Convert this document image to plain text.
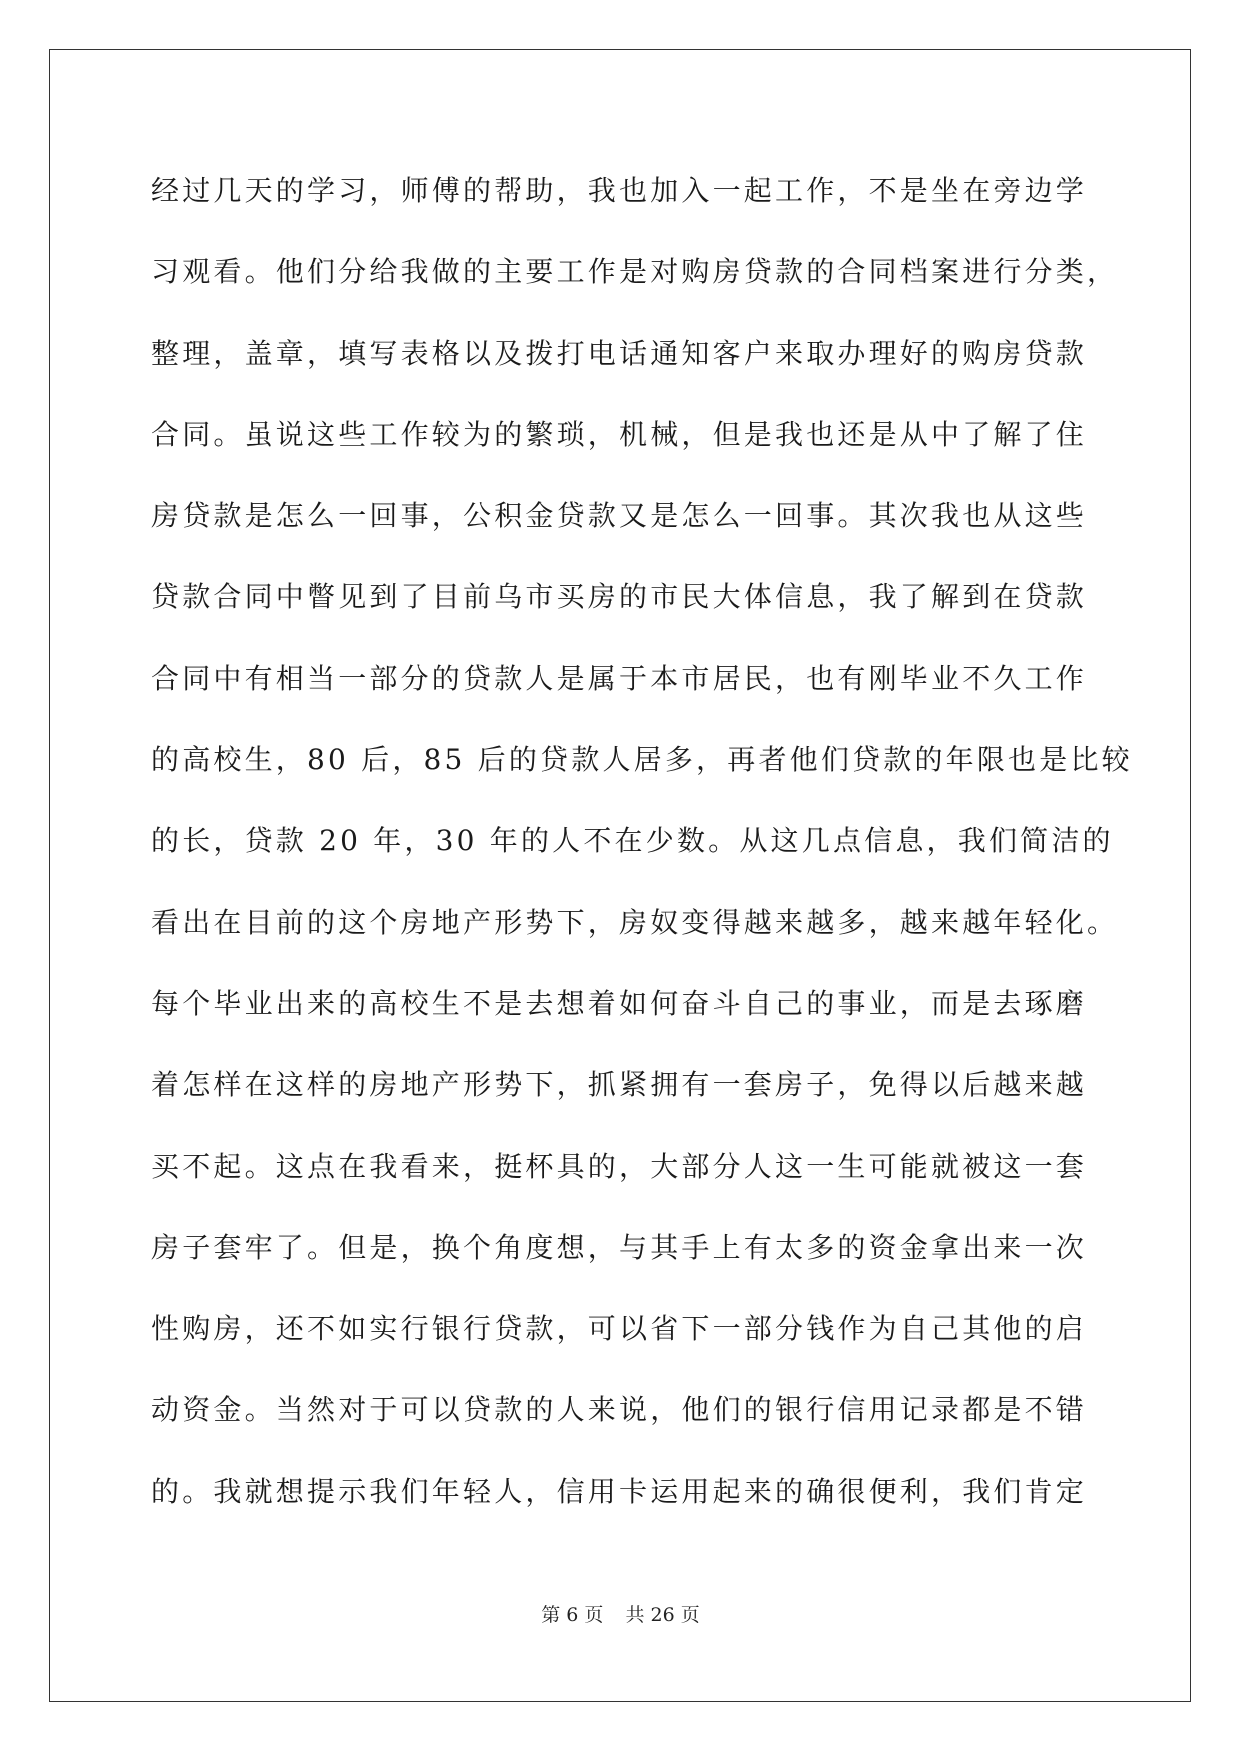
经过几天的学习，师傅的帮助，我也加入一起工作，不是坐在旁边学
习观看。他们分给我做的主要工作是对购房贷款的合同档案进行分类，
整理，盖章，填写表格以及拨打电话通知客户来取办理好的购房贷款
合同。虽说这些工作较为的繁琐，机械，但是我也还是从中了解了住
房贷款是怎么一回事，公积金贷款又是怎么一回事。其次我也从这些
贷款合同中瞥见到了目前乌市买房的市民大体信息，我了解到在贷款
合同中有相当一部分的贷款人是属于本市居民，也有刚毕业不久工作
的高校生，80 后，85 后的贷款人居多，再者他们贷款的年限也是比较
的长，贷款 20 年，30 年的人不在少数。从这几点信息，我们简洁的
看出在目前的这个房地产形势下，房奴变得越来越多，越来越年轻化。
每个毕业出来的高校生不是去想着如何奋斗自己的事业，而是去琢磨
着怎样在这样的房地产形势下，抓紧拥有一套房子，免得以后越来越
买不起。这点在我看来，挺杯具的，大部分人这一生可能就被这一套
房子套牢了。但是，换个角度想，与其手上有太多的资金拿出来一次
性购房，还不如实行银行贷款，可以省下一部分钱作为自己其他的启
动资金。当然对于可以贷款的人来说，他们的银行信用记录都是不错
的。我就想提示我们年轻人，信用卡运用起来的确很便利，我们肯定
第 6 页 共 26 页
